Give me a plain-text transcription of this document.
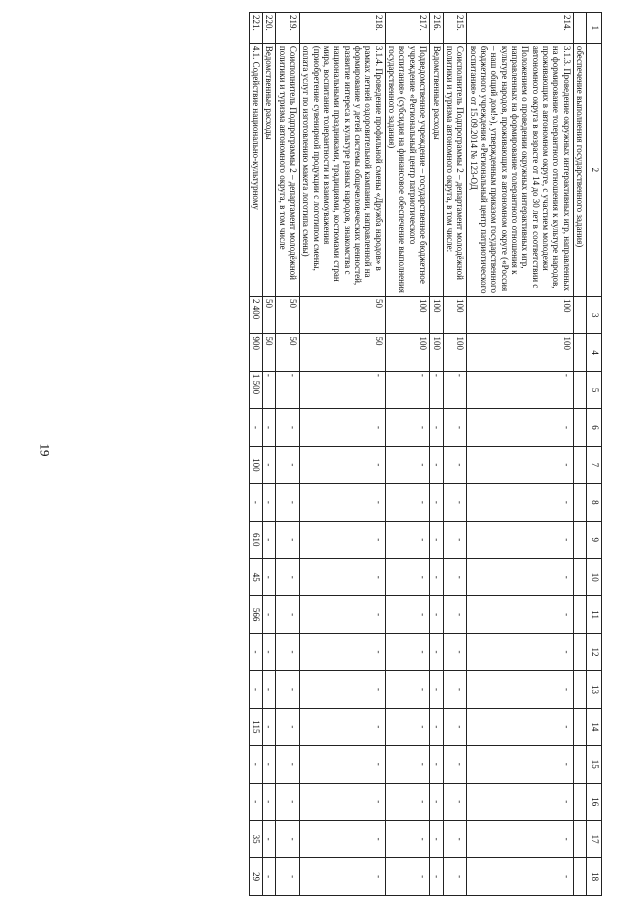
19
1	2	3	4	5	6	7	8	9	10	11	12	13	14	15	16	17	18
	обеспечение выполнения государственного задания)																
214.	3.1.3. Проведение окружных интерактивных игр, направленных на формирование толерантного отношения к культуре народов, проживающих в автономном округе, с участием молодежи автономного округа в возрасте от 14 до 30 лет в соответствии с Положением о проведении окружных интерактивных игр, направленных на формирование толерантного отношения к культуре народов, проживающих в автономном округе («Россия – наш общий дом!»), утвержденным приказом государственного бюджетного учреждения «Региональный центр патриотического воспитания» от 15.09.2014 № 123-ОД	100	100	-	-	-	-	-	-	-	-	-	-	-	-	-	-
215.	Соисполнитель Подпрограммы 2 – департамент молодёжной политики и туризма автономного округа, в том числе:	100	100	-	-	-	-	-	-	-	-	-	-	-	-	-	-
216.	Ведомственные расходы	100	100	-	-	-	-	-	-	-	-	-	-	-	-	-	-
217.	Подведомственное учреждение – государственное бюджетное учреждение «Региональный центр патриотического воспитания» (субсидия на финансовое обеспечение выполнения государственного задания)	100	100	-	-	-	-	-	-	-	-	-	-	-	-	-	-
218.	3.1.4. Проведение профильной смены «Дружба народов» в рамках летней оздоровительной кампании, направленной на формирование у детей системы общечеловеческих ценностей, развитие интереса к культуре разных народов, знакомства с национальными праздниками, традициями, костюмами стран мира, воспитание толерантности и взаимоуважения (приобретение сувенирной продукции с логотипом смены, оплата услуг по изготовлению макета логотипа смены)	50	50	-	-	-	-	-	-	-	-	-	-	-	-	-	-
219.	Соисполнитель Подпрограммы 2 – департамент молодёжной политики и туризма автономного округа, в том числе	50	50	-	-	-	-	-	-	-	-	-	-	-	-	-	-
220.	Ведомственные расходы	50	50	-	-	-	-	-	-	-	-	-	-	-	-	-	-
221.	4.1. Содействие национально-культурному	2 400	900	1 500	-	100	-	610	45	566	-	-	115	-	-	35	29
